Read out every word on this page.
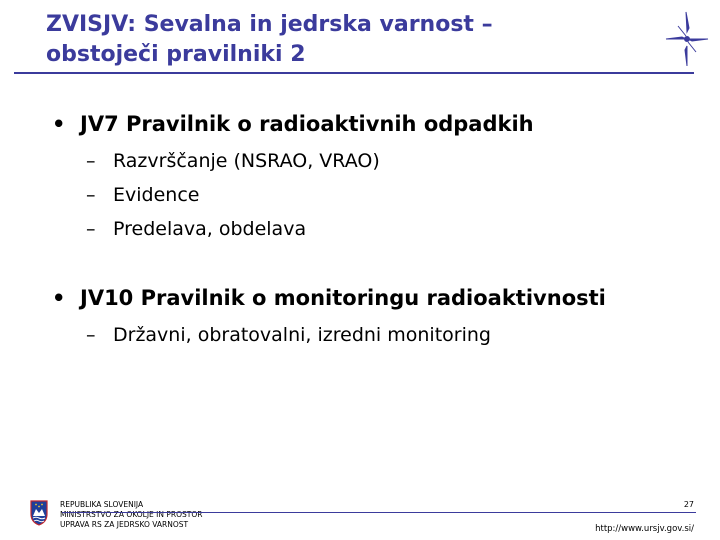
ZVISJV: Sevalna in jedrska varnost –
obstoječi pravilniki 2
• JV7 Pravilnik o radioaktivnih odpadkih
– Razvrščanje (NSRAO, VRAO)
– Evidence
– Predelava, obdelava
• JV10 Pravilnik o monitoringu radioaktivnosti
– Državni, obratovalni, izredni monitoring
REPUBLIKA SLOVENIJA
MINISTRSTVO ZA OKOLJE IN PROSTOR
UPRAVA RS ZA JEDRSKO VARNOST
27
http://www.ursjv.gov.si/
